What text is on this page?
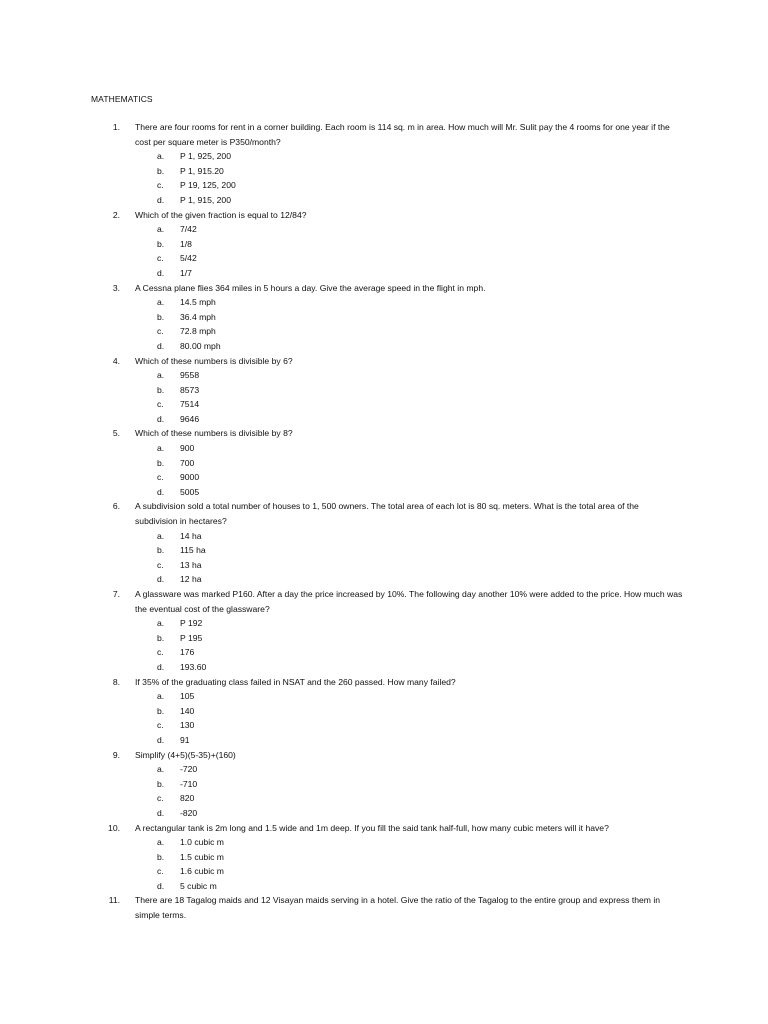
MATHEMATICS
1. There are four rooms for rent in a corner building. Each room is 114 sq. m in area. How much will Mr. Sulit pay the 4 rooms for one year if the cost per square meter is P350/month?
a. P 1, 925, 200
b. P 1, 915.20
c. P 19, 125, 200
d. P 1, 915, 200
2. Which of the given fraction is equal to 12/84?
a. 7/42
b. 1/8
c. 5/42
d. 1/7
3. A Cessna plane flies 364 miles in 5 hours a day. Give the average speed in the flight in mph.
a. 14.5 mph
b. 36.4 mph
c. 72.8 mph
d. 80.00 mph
4. Which of these numbers is divisible by 6?
a. 9558
b. 8573
c. 7514
d. 9646
5. Which of these numbers is divisible by 8?
a. 900
b. 700
c. 9000
d. 5005
6. A subdivision sold a total number of houses to 1, 500 owners. The total area of each lot is 80 sq. meters. What is the total area of the subdivision in hectares?
a. 14 ha
b. 115 ha
c. 13 ha
d. 12 ha
7. A glassware was marked P160. After a day the price increased by 10%. The following day another 10% were added to the price. How much was the eventual cost of the glassware?
a. P 192
b. P 195
c. 176
d. 193.60
8. If 35% of the graduating class failed in NSAT and the 260 passed. How many failed?
a. 105
b. 140
c. 130
d. 91
9. Simplify (4+5)(5-35)+(160)
a. -720
b. -710
c. 820
d. -820
10. A rectangular tank is 2m long and 1.5 wide and 1m deep. If you fill the said tank half-full, how many cubic meters will it have?
a. 1.0 cubic m
b. 1.5 cubic m
c. 1.6 cubic m
d. 5 cubic m
11. There are 18 Tagalog maids and 12 Visayan maids serving in a hotel. Give the ratio of the Tagalog to the entire group and express them in simple terms.
